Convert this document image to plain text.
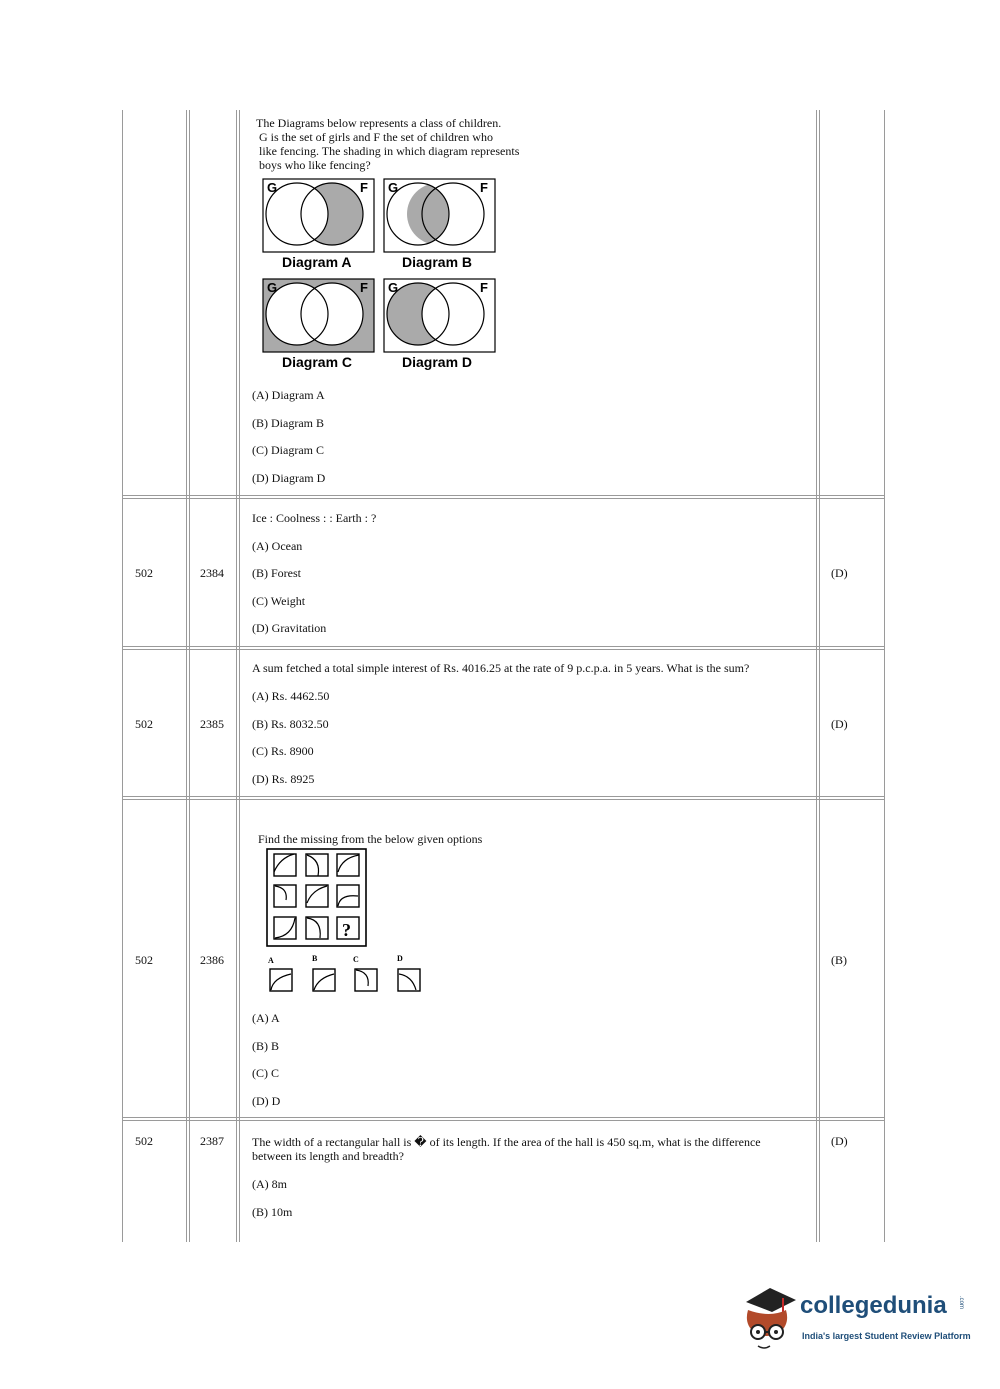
The Diagrams below represents a class of children.
G is the set of girls and F the set of children who
like fencing. The shading in which diagram represents
boys who like fencing?
G	F
Diagram A
G	F
Diagram B
G	F
Diagram C
G	F
Diagram D
(A) Diagram A
(B) Diagram B
(C) Diagram C
(D) Diagram D
502	2384
Ice : Coolness : : Earth : ?
(A) Ocean
(B) Forest
(C) Weight
(D) Gravitation
(D)
502	2385
A sum fetched a total simple interest of Rs. 4016.25 at the rate of 9 p.c.p.a. in 5 years. What is the sum?
(A) Rs. 4462.50
(B) Rs. 8032.50
(C) Rs. 8900
(D) Rs. 8925
(D)
502	2386
Find the missing from the below given options
?
A	B	C	D
(A) A
(B) B
(C) C
(D) D
(B)
502	2387 The width of a rectangular hall is � of its length. If the area of the hall is 450 sq.m, what is the difference
between its length and breadth?
(A) 8m
(B) 10m
(D)
collegedunia .com
India's largest Student Review Platform
